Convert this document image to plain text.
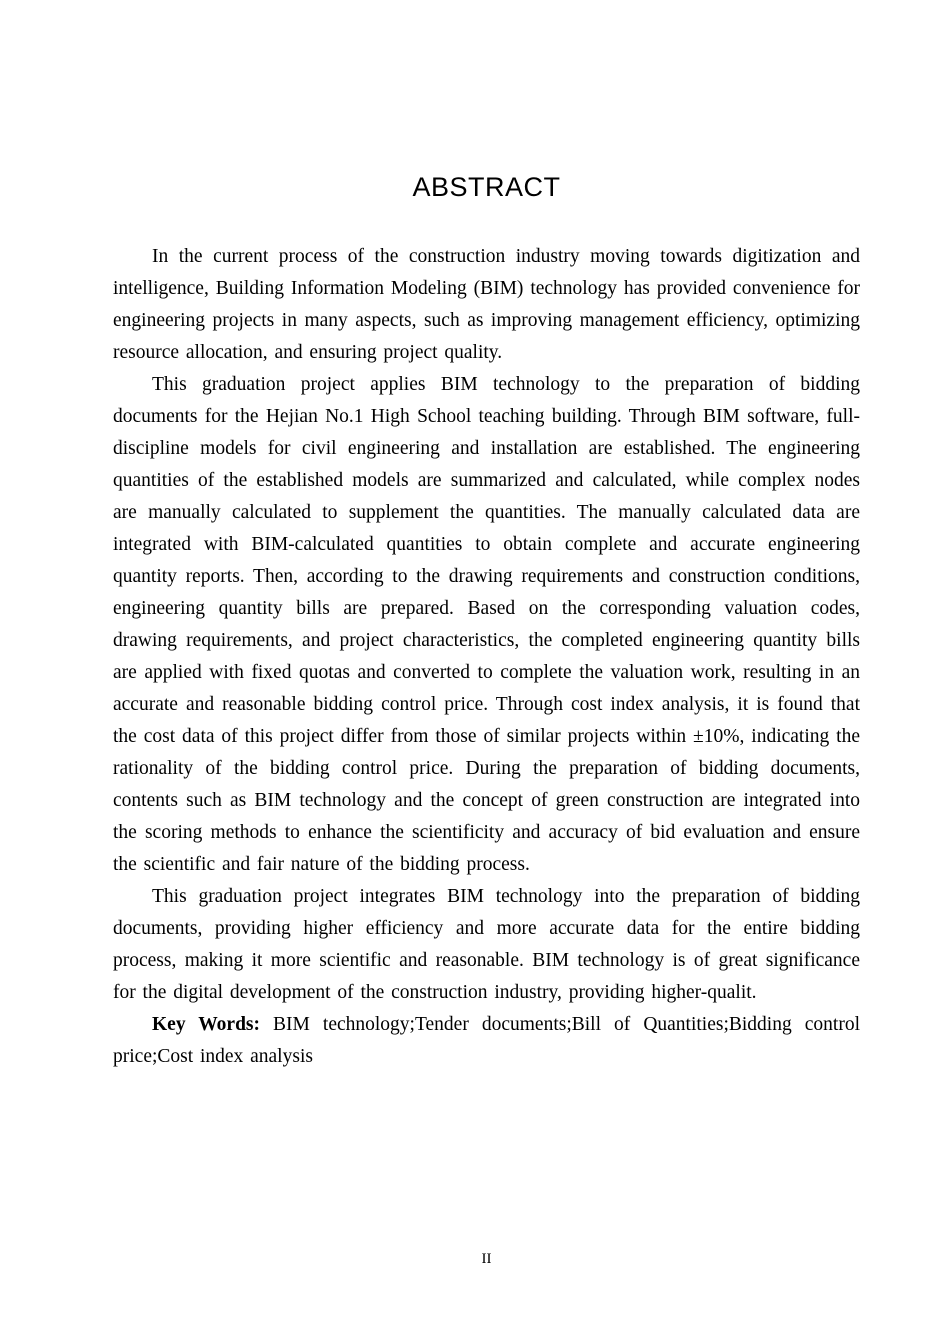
ABSTRACT

In the current process of the construction industry moving towards digitization and intelligence, Building Information Modeling (BIM) technology has provided convenience for engineering projects in many aspects, such as improving management efficiency, optimizing resource allocation, and ensuring project quality.

This graduation project applies BIM technology to the preparation of bidding documents for the Hejian No.1 High School teaching building. Through BIM software, full-discipline models for civil engineering and installation are established. The engineering quantities of the established models are summarized and calculated, while complex nodes are manually calculated to supplement the quantities. The manually calculated data are integrated with BIM-calculated quantities to obtain complete and accurate engineering quantity reports. Then, according to the drawing requirements and construction conditions, engineering quantity bills are prepared. Based on the corresponding valuation codes, drawing requirements, and project characteristics, the completed engineering quantity bills are applied with fixed quotas and converted to complete the valuation work, resulting in an accurate and reasonable bidding control price. Through cost index analysis, it is found that the cost data of this project differ from those of similar projects within ±10%, indicating the rationality of the bidding control price. During the preparation of bidding documents, contents such as BIM technology and the concept of green construction are integrated into the scoring methods to enhance the scientificity and accuracy of bid evaluation and ensure the scientific and fair nature of the bidding process.

This graduation project integrates BIM technology into the preparation of bidding documents, providing higher efficiency and more accurate data for the entire bidding process, making it more scientific and reasonable. BIM technology is of great significance for the digital development of the construction industry, providing higher-qualit.

Key Words: BIM technology;Tender documents;Bill of Quantities;Bidding control price;Cost index analysis

II
